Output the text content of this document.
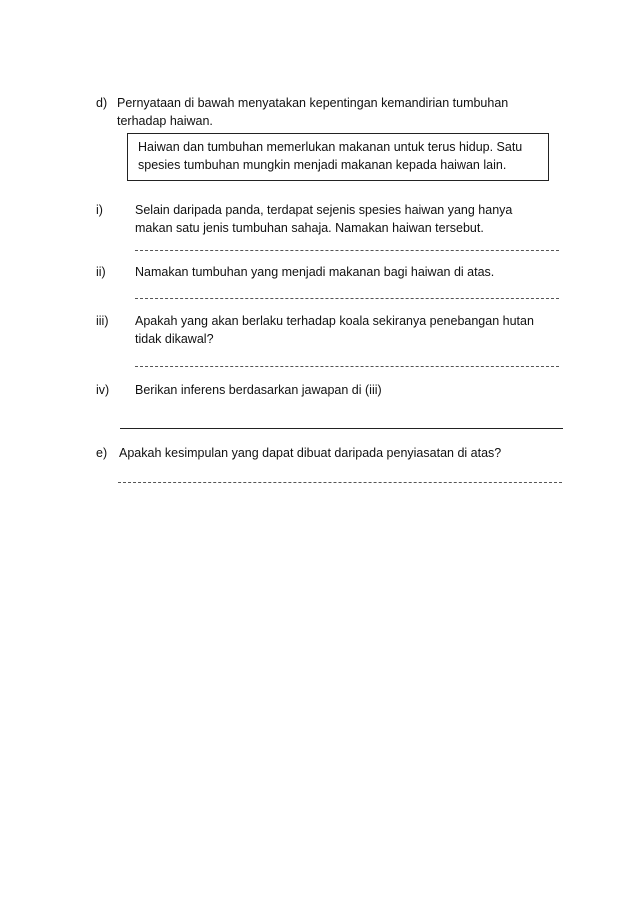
d) Pernyataan di bawah menyatakan kepentingan kemandirian tumbuhan
terhadap haiwan.
Haiwan dan tumbuhan memerlukan makanan untuk terus hidup. Satu
spesies tumbuhan mungkin menjadi makanan kepada haiwan lain.
i)	Selain daripada panda, terdapat sejenis spesies haiwan yang hanya
makan satu jenis tumbuhan sahaja. Namakan haiwan tersebut.
ii) Namakan tumbuhan yang menjadi makanan bagi haiwan di atas.
iii) Apakah yang akan berlaku terhadap koala sekiranya penebangan hutan
tidak dikawal?
iv) Berikan inferens berdasarkan jawapan di (iii)
e) Apakah kesimpulan yang dapat dibuat daripada penyiasatan di atas?
